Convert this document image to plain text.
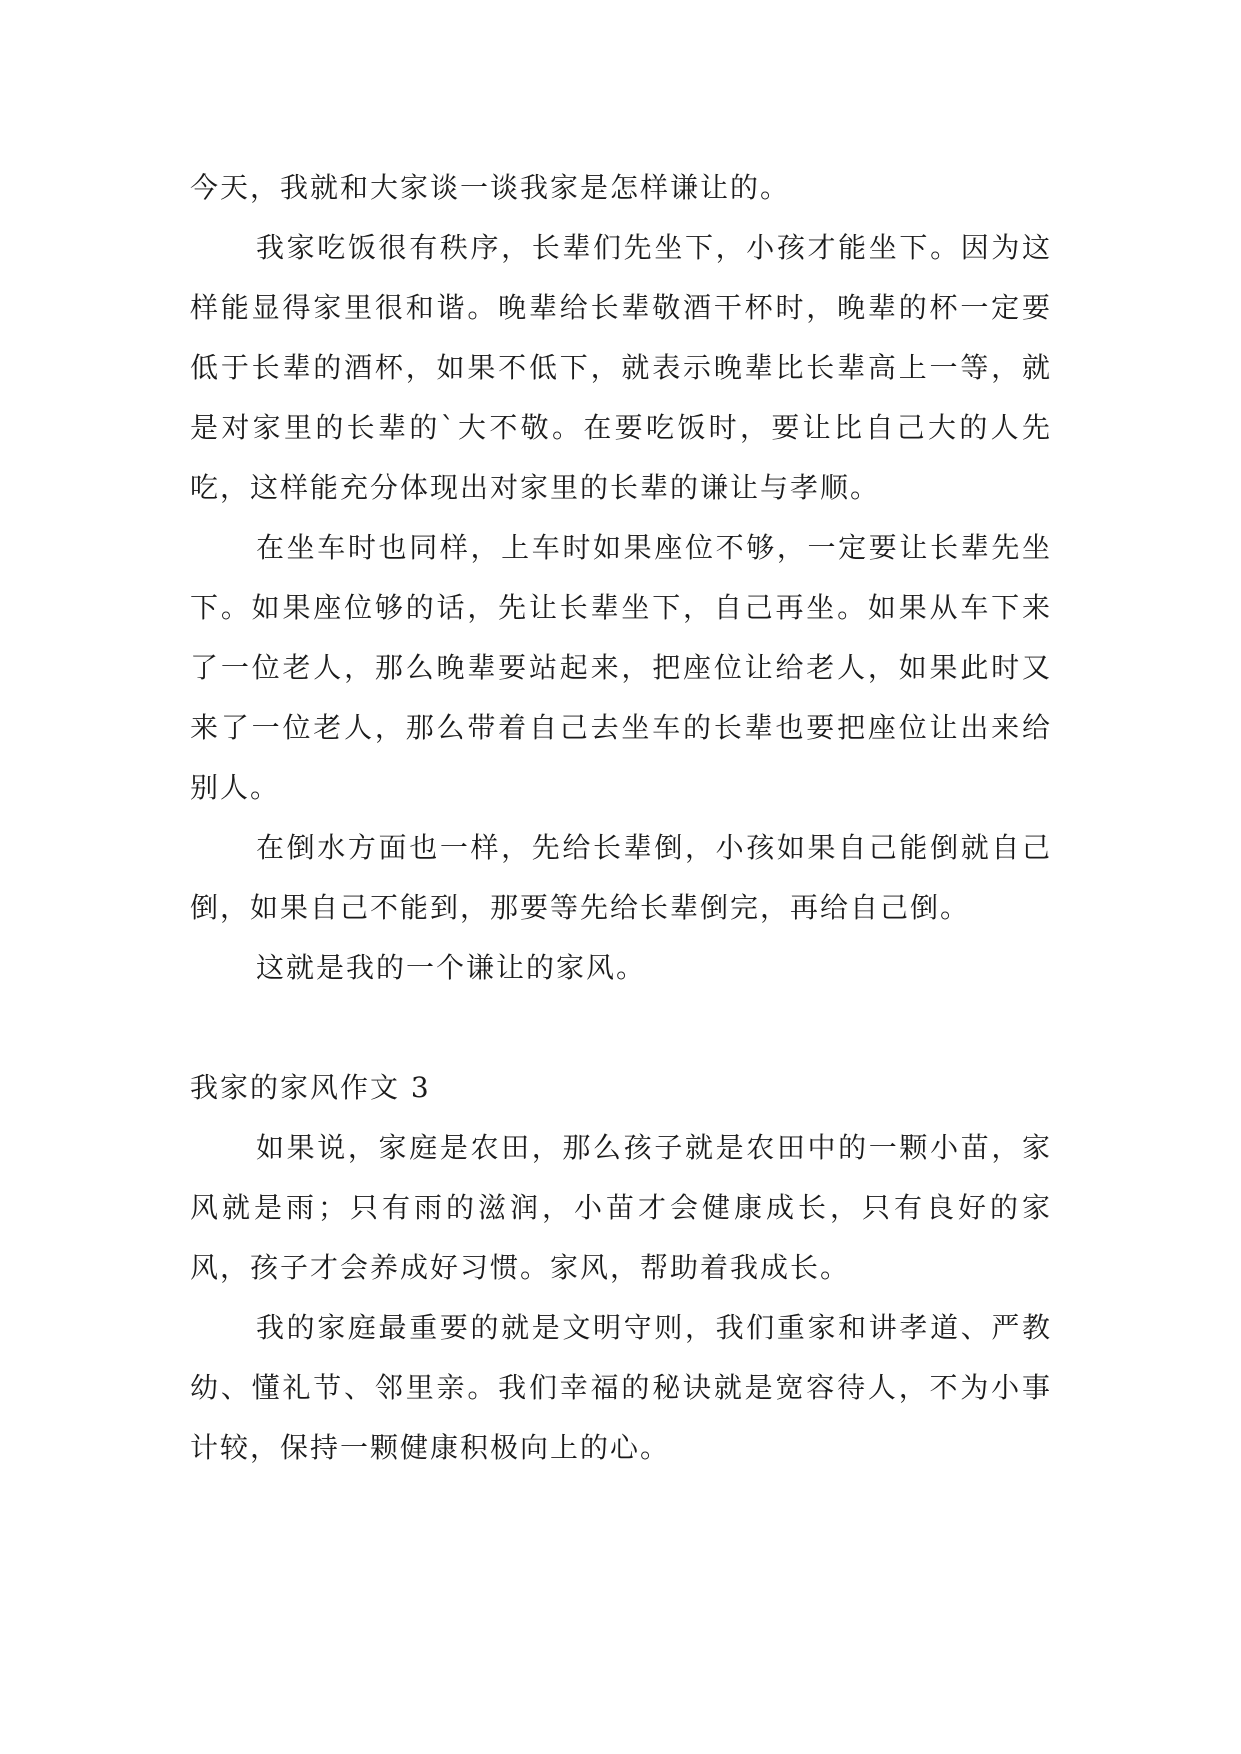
今天，我就和大家谈一谈我家是怎样谦让的。

我家吃饭很有秩序，长辈们先坐下，小孩才能坐下。因为这样能显得家里很和谐。晚辈给长辈敬酒干杯时，晚辈的杯一定要低于长辈的酒杯，如果不低下，就表示晚辈比长辈高上一等，就是对家里的长辈的`大不敬。在要吃饭时，要让比自己大的人先吃，这样能充分体现出对家里的长辈的谦让与孝顺。

在坐车时也同样，上车时如果座位不够，一定要让长辈先坐下。如果座位够的话，先让长辈坐下，自己再坐。如果从车下来了一位老人，那么晚辈要站起来，把座位让给老人，如果此时又来了一位老人，那么带着自己去坐车的长辈也要把座位让出来给别人。

在倒水方面也一样，先给长辈倒，小孩如果自己能倒就自己倒，如果自己不能到，那要等先给长辈倒完，再给自己倒。

这就是我的一个谦让的家风。

我家的家风作文 3

如果说，家庭是农田，那么孩子就是农田中的一颗小苗，家风就是雨；只有雨的滋润，小苗才会健康成长，只有良好的家风，孩子才会养成好习惯。家风，帮助着我成长。

我的家庭最重要的就是文明守则，我们重家和讲孝道、严教幼、懂礼节、邻里亲。我们幸福的秘诀就是宽容待人，不为小事计较，保持一颗健康积极向上的心。
